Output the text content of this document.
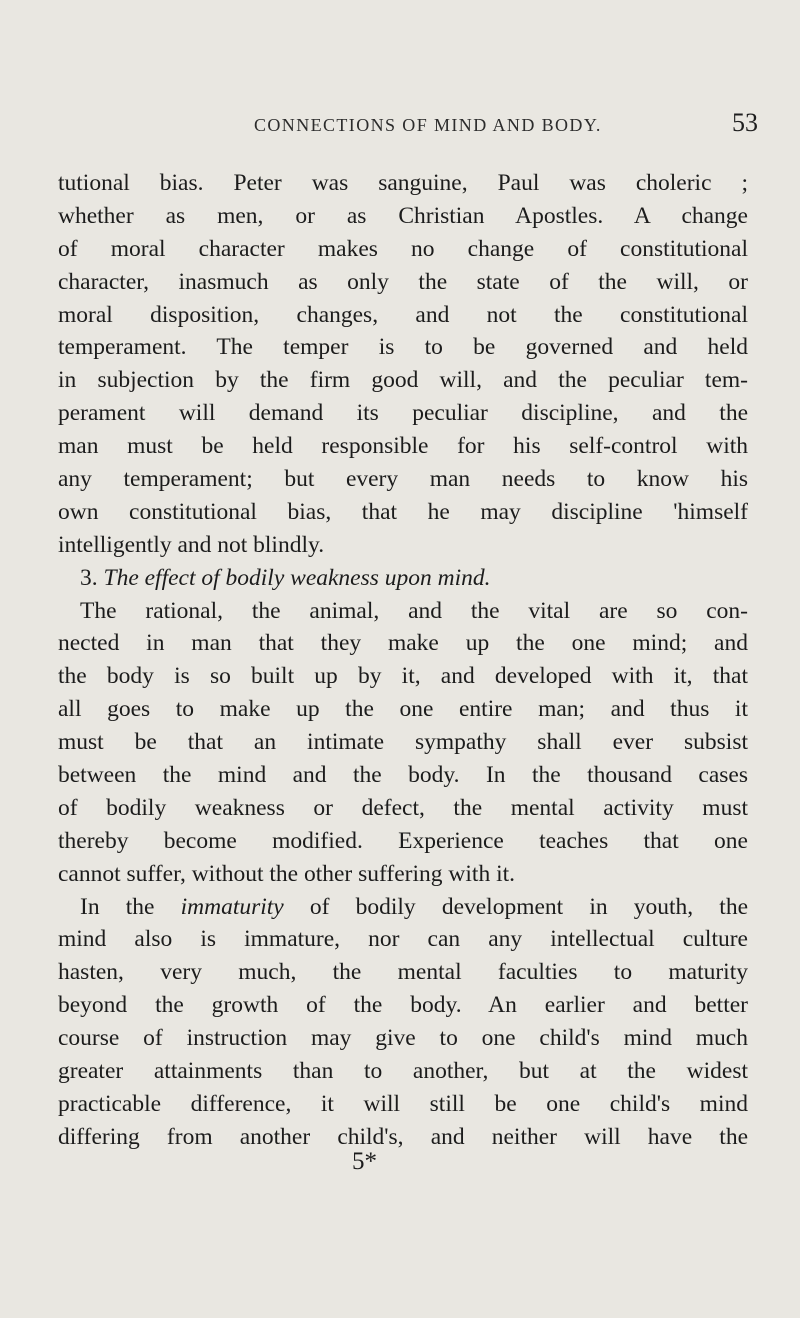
CONNECTIONS OF MIND AND BODY.	53
tutional bias. Peter was sanguine, Paul was choleric ;
whether as men, or as Christian Apostles. A change
of moral character makes no change of constitutional
character, inasmuch as only the state of the will, or
moral disposition, changes, and not the constitutional
temperament. The temper is to be governed and held
in subjection by the firm good will, and the peculiar tem-
perament will demand its peculiar discipline, and the
man must be held responsible for his self-control with
any temperament; but every man needs to know his
own constitutional bias, that he may discipline 'himself
intelligently and not blindly.
3. The effect of bodily weakness upon mind.
The rational, the animal, and the vital are so con-
nected in man that they make up the one mind; and
the body is so built up by it, and developed with it, that
all goes to make up the one entire man; and thus it
must be that an intimate sympathy shall ever subsist
between the mind and the body. In the thousand cases
of bodily weakness or defect, the mental activity must
thereby become modified. Experience teaches that one
cannot suffer, without the other suffering with it.
In the immaturity of bodily development in youth, the
mind also is immature, nor can any intellectual culture
hasten, very much, the mental faculties to maturity
beyond the growth of the body. An earlier and better
course of instruction may give to one child's mind much
greater attainments than to another, but at the widest
practicable difference, it will still be one child's mind
differing from another child's, and neither will have the
5*
